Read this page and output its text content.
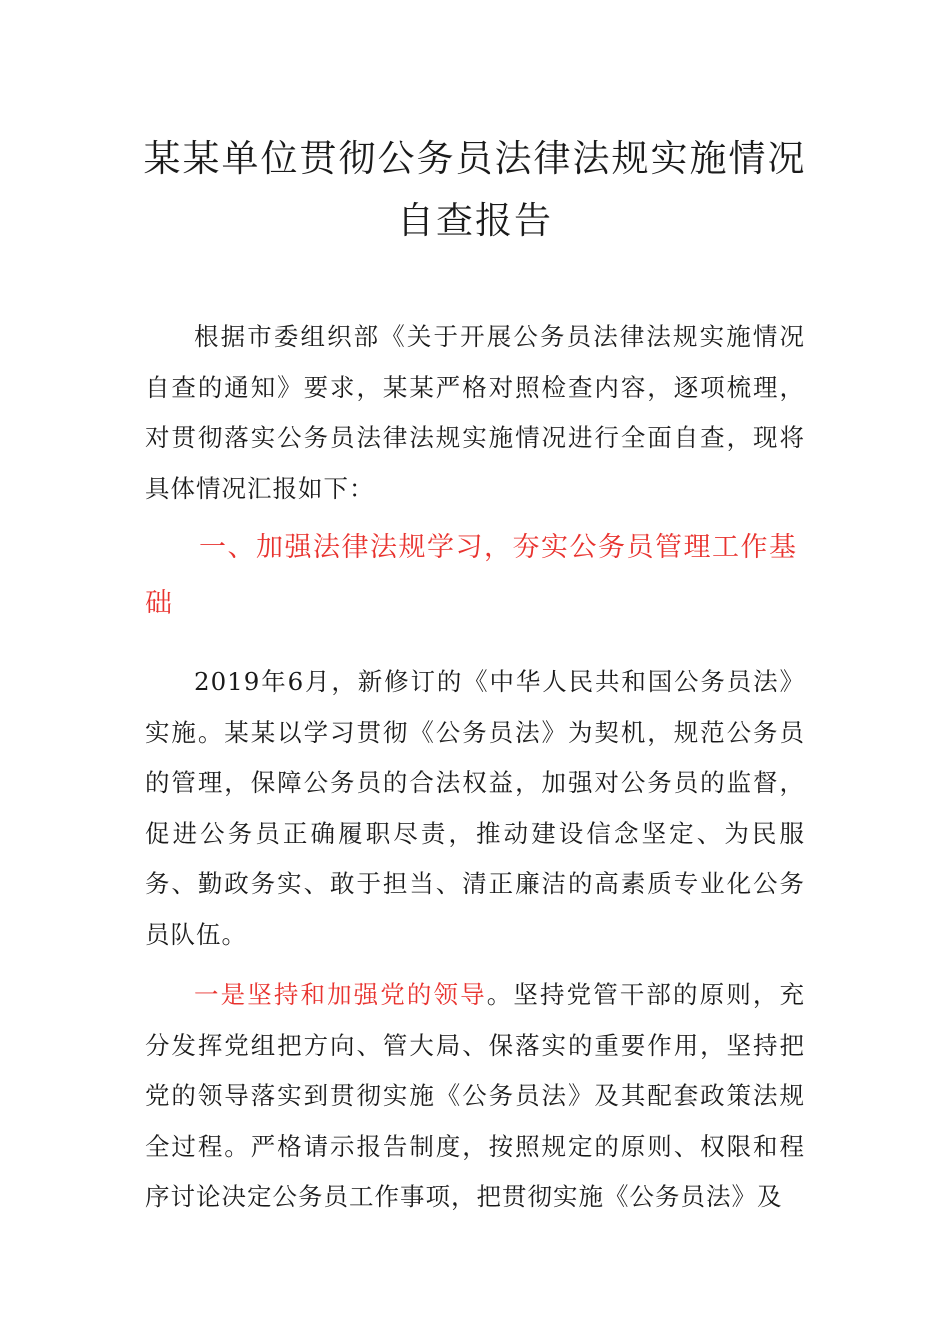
某某单位贯彻公务员法律法规实施情况自查报告

根据市委组织部《关于开展公务员法律法规实施情况自查的通知》要求，某某严格对照检查内容，逐项梳理，对贯彻落实公务员法律法规实施情况进行全面自查，现将具体情况汇报如下：

一、加强法律法规学习，夯实公务员管理工作基础

2019年6月，新修订的《中华人民共和国公务员法》实施。某某以学习贯彻《公务员法》为契机，规范公务员的管理，保障公务员的合法权益，加强对公务员的监督，促进公务员正确履职尽责，推动建设信念坚定、为民服务、勤政务实、敢于担当、清正廉洁的高素质专业化公务员队伍。

一是坚持和加强党的领导。坚持党管干部的原则，充分发挥党组把方向、管大局、保落实的重要作用，坚持把党的领导落实到贯彻实施《公务员法》及其配套政策法规全过程。严格请示报告制度，按照规定的原则、权限和程序讨论决定公务员工作事项，把贯彻实施《公务员法》及
